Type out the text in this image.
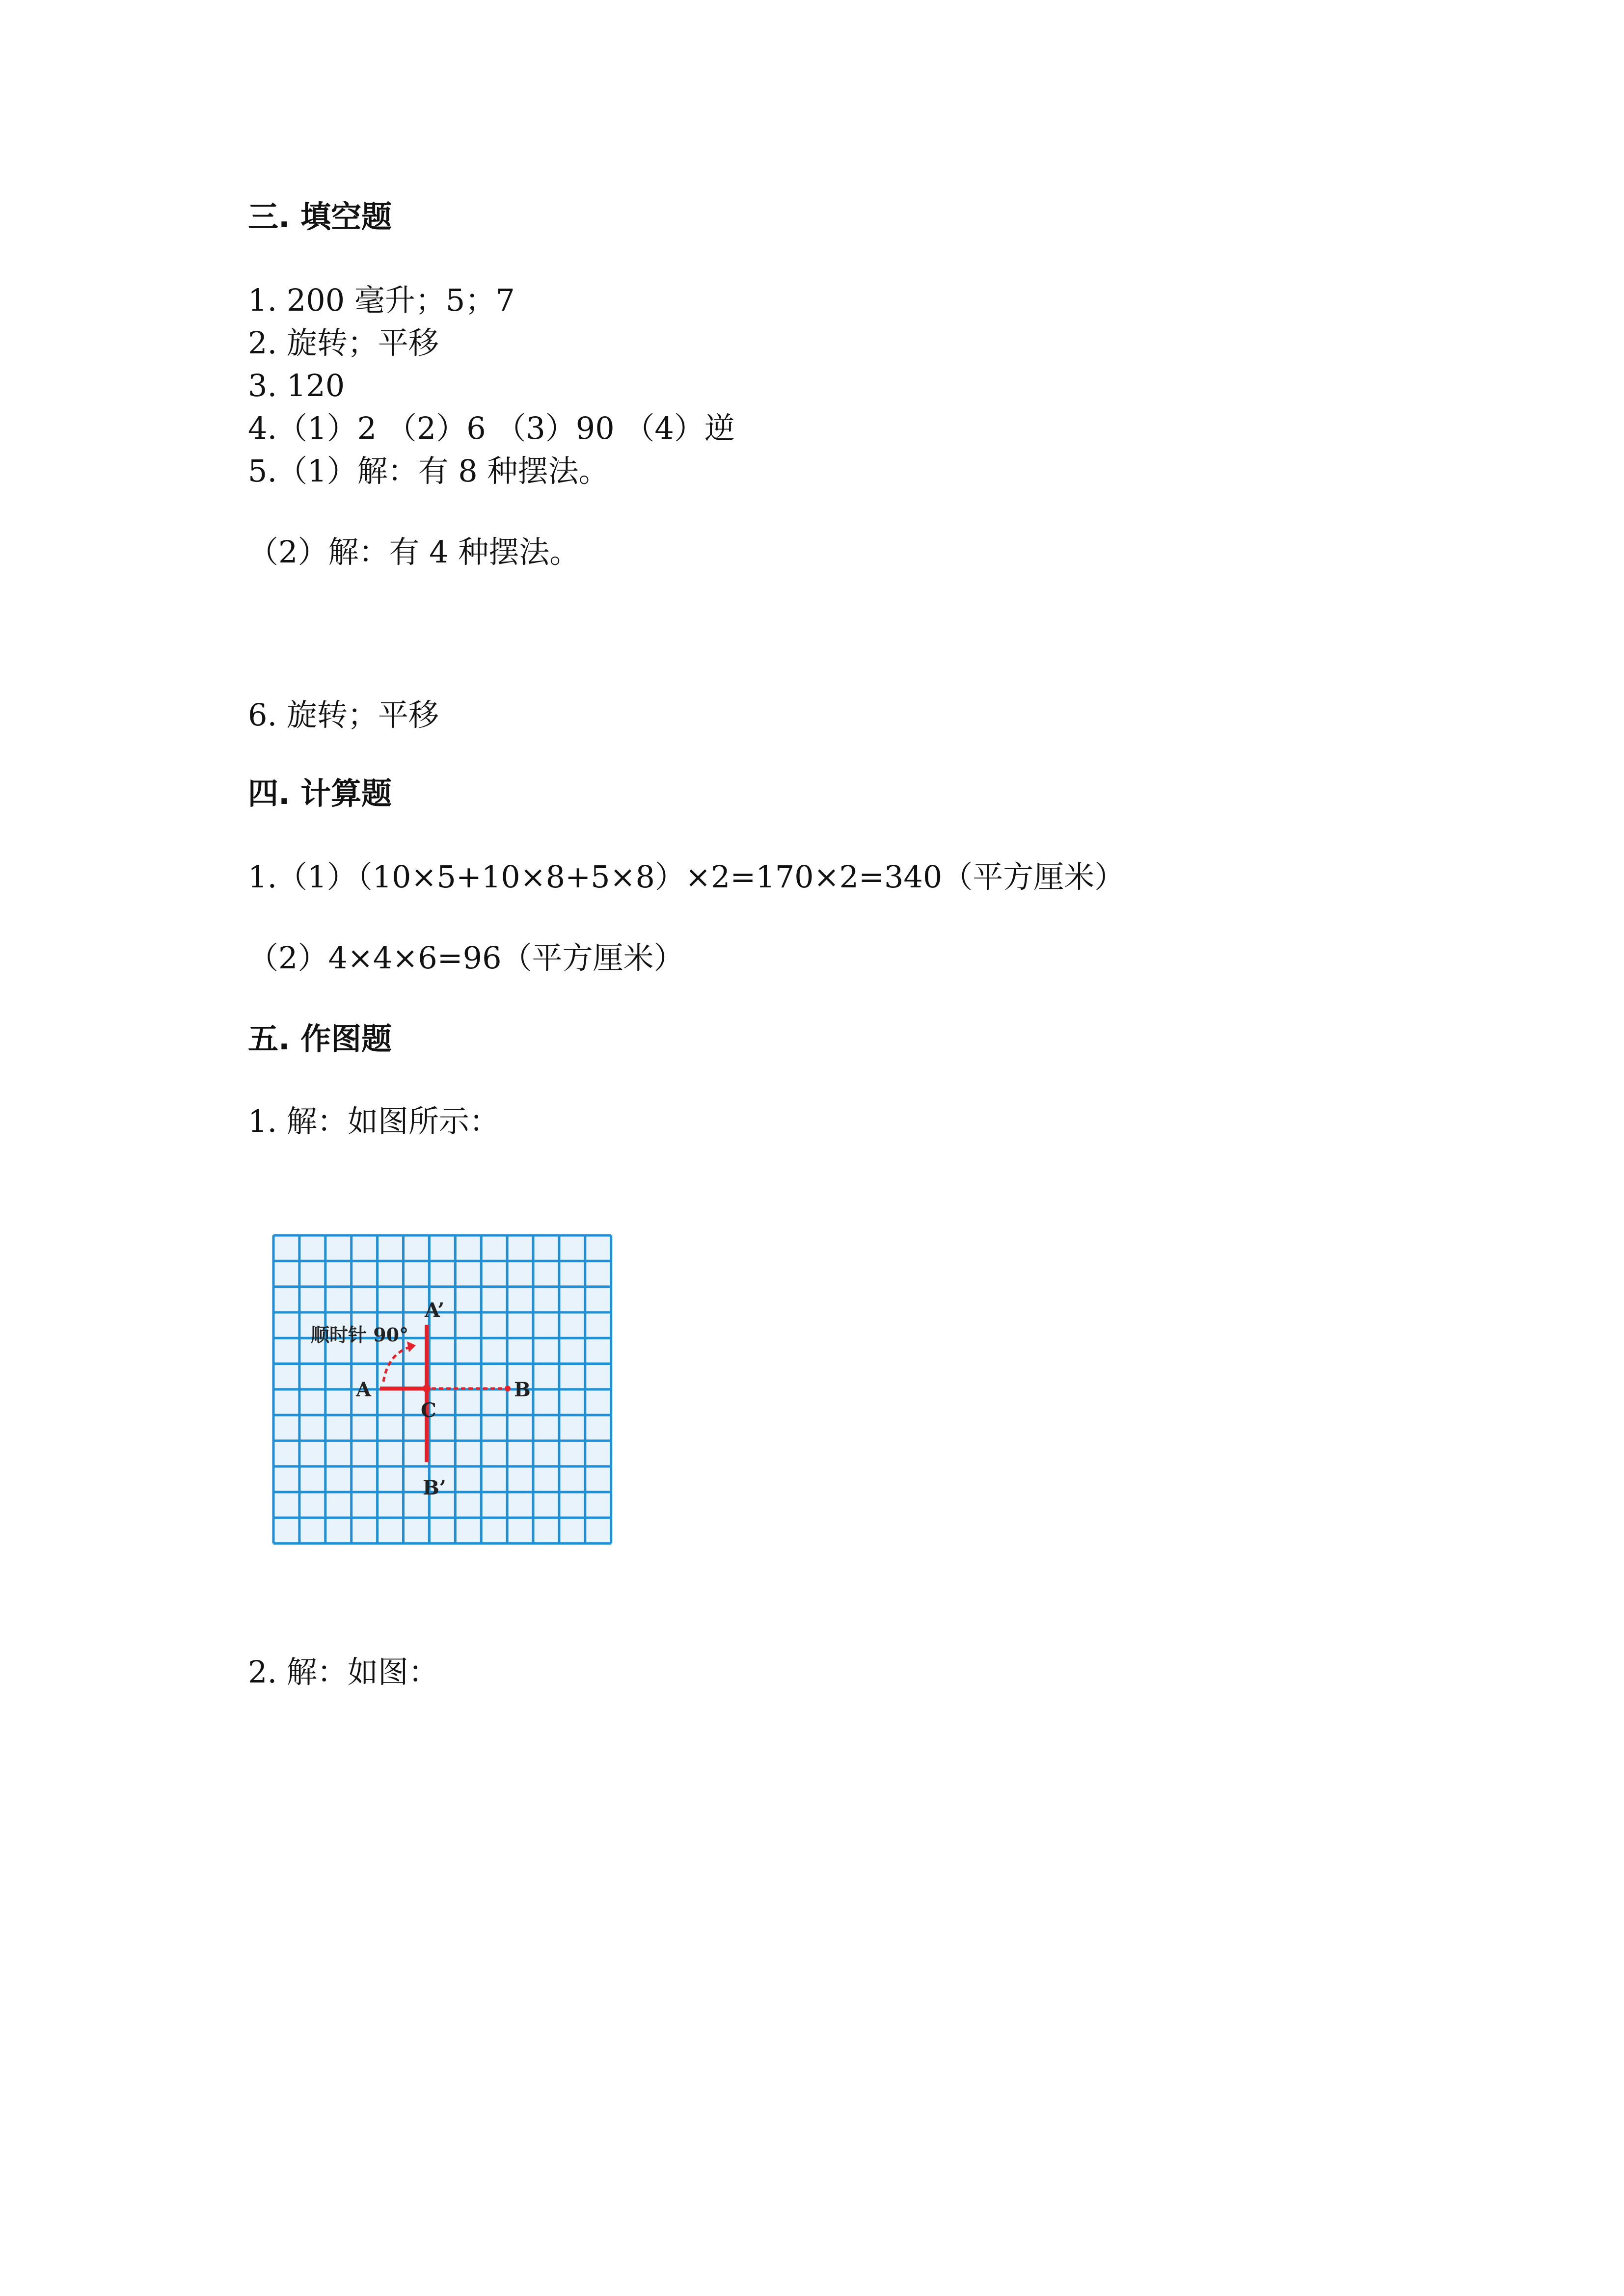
三. 填空题

1. 200 毫升；5；7

2. 旋转；平移

3. 120

4.（1）2 （2）6 （3）90 （4）逆

5.（1）解：有 8 种摆法。

（2）解：有 4 种摆法。

6. 旋转；平移

四. 计算题

1.（1）（10×5+10×8+5×8）×2=170×2=340（平方厘米）

（2）4×4×6=96（平方厘米）

五. 作图题

1. 解：如图所示：

顺时针 90°
A’
A	B
C
B’

2. 解：如图：
